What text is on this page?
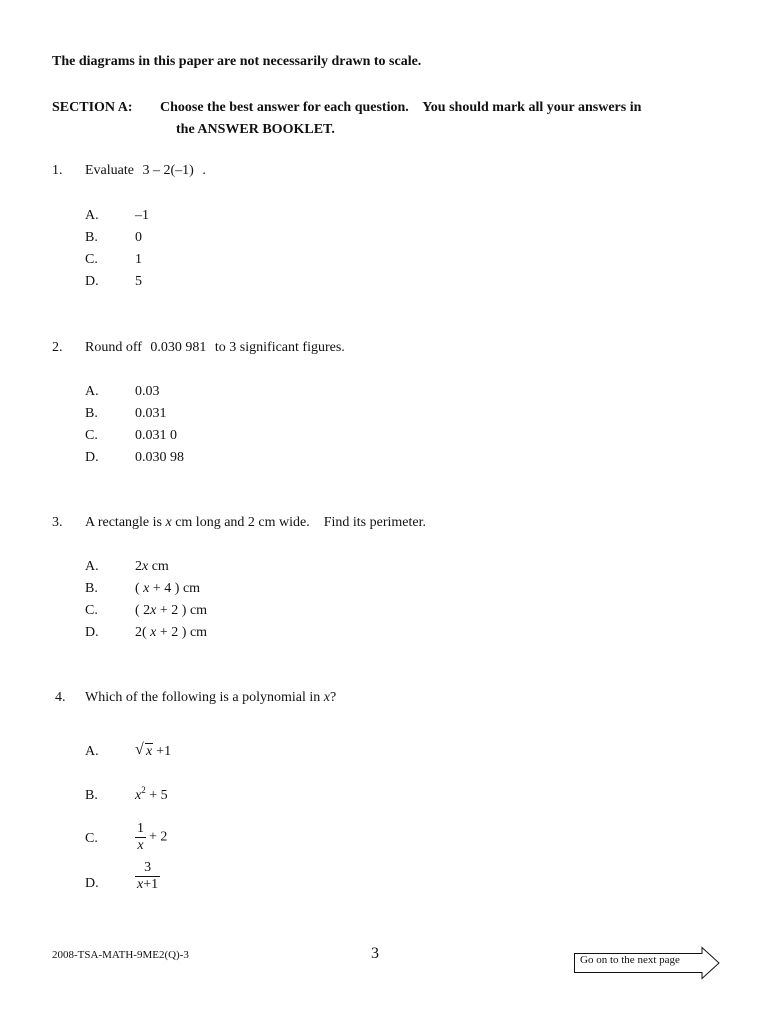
The diagrams in this paper are not necessarily drawn to scale.
SECTION A: Choose the best answer for each question.    You should mark all your answers in
the ANSWER BOOKLET.
1. Evaluate 3 – 2(–1) .
A.	–1
B.	0
C.	1
D.	5
2. Round off 0.030 981 to 3 significant figures.
A.	0.03
B.	0.031
C.	0.031 0
D.	0.030 98
3. A rectangle is x cm long and 2 cm wide.    Find its perimeter.
A.	2x cm
B.	( x + 4 ) cm
C.	( 2x + 2 ) cm
D.	2( x + 2 ) cm
4. Which of the following is a polynomial in x?
A. √ x +1
B.	$x^2 + 5$
C.	$\frac{1}{x} + 2$
D.	$\frac{3}{x+1}$
2008-TSA-MATH-9ME2(Q)-3	3	Go on to the next page
